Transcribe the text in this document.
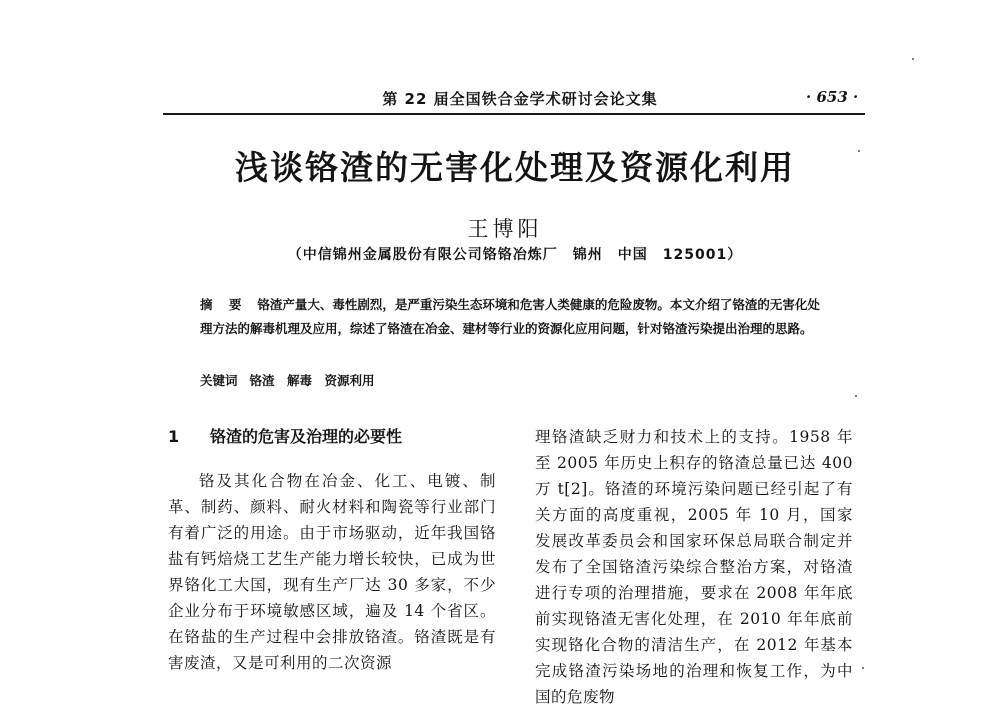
第 22 届全国铁合金学术研讨会论文集	· 653 ·
浅谈铬渣的无害化处理及资源化利用
王博阳
（中信锦州金属股份有限公司铬铬冶炼厂　锦州　中国　125001）
摘 要 铬渣产量大、毒性剧烈，是严重污染生态环境和危害人类健康的危险废物。本文介绍了铬渣的无害化处理方法的解毒机理及应用，综述了铬渣在冶金、建材等行业的资源化应用问题，针对铬渣污染提出治理的思路。
关键词 铬渣　解毒　资源利用
1 铬渣的危害及治理的必要性
铬及其化合物在冶金、化工、电镀、制革、制药、颜料、耐火材料和陶瓷等行业部门有着广泛的用途。由于市场驱动，近年我国铬盐有钙焙烧工艺生产能力增长较快，已成为世界铬化工大国，现有生产厂达 30 多家，不少企业分布于环境敏感区域，遍及 14 个省区。在铬盐的生产过程中会排放铬渣。铬渣既是有害废渣，又是可利用的二次资源
理铬渣缺乏财力和技术上的支持。1958 年至 2005 年历史上积存的铬渣总量已达 400 万 t[2]。铬渣的环境污染问题已经引起了有关方面的高度重视，2005 年 10 月，国家发展改革委员会和国家环保总局联合制定并发布了全国铬渣污染综合整治方案，对铬渣进行专项的治理措施，要求在 2008 年年底前实现铬渣无害化处理，在 2010 年年底前实现铬化合物的清洁生产，在 2012 年基本完成铬渣污染场地的治理和恢复工作，为中国的危废物
